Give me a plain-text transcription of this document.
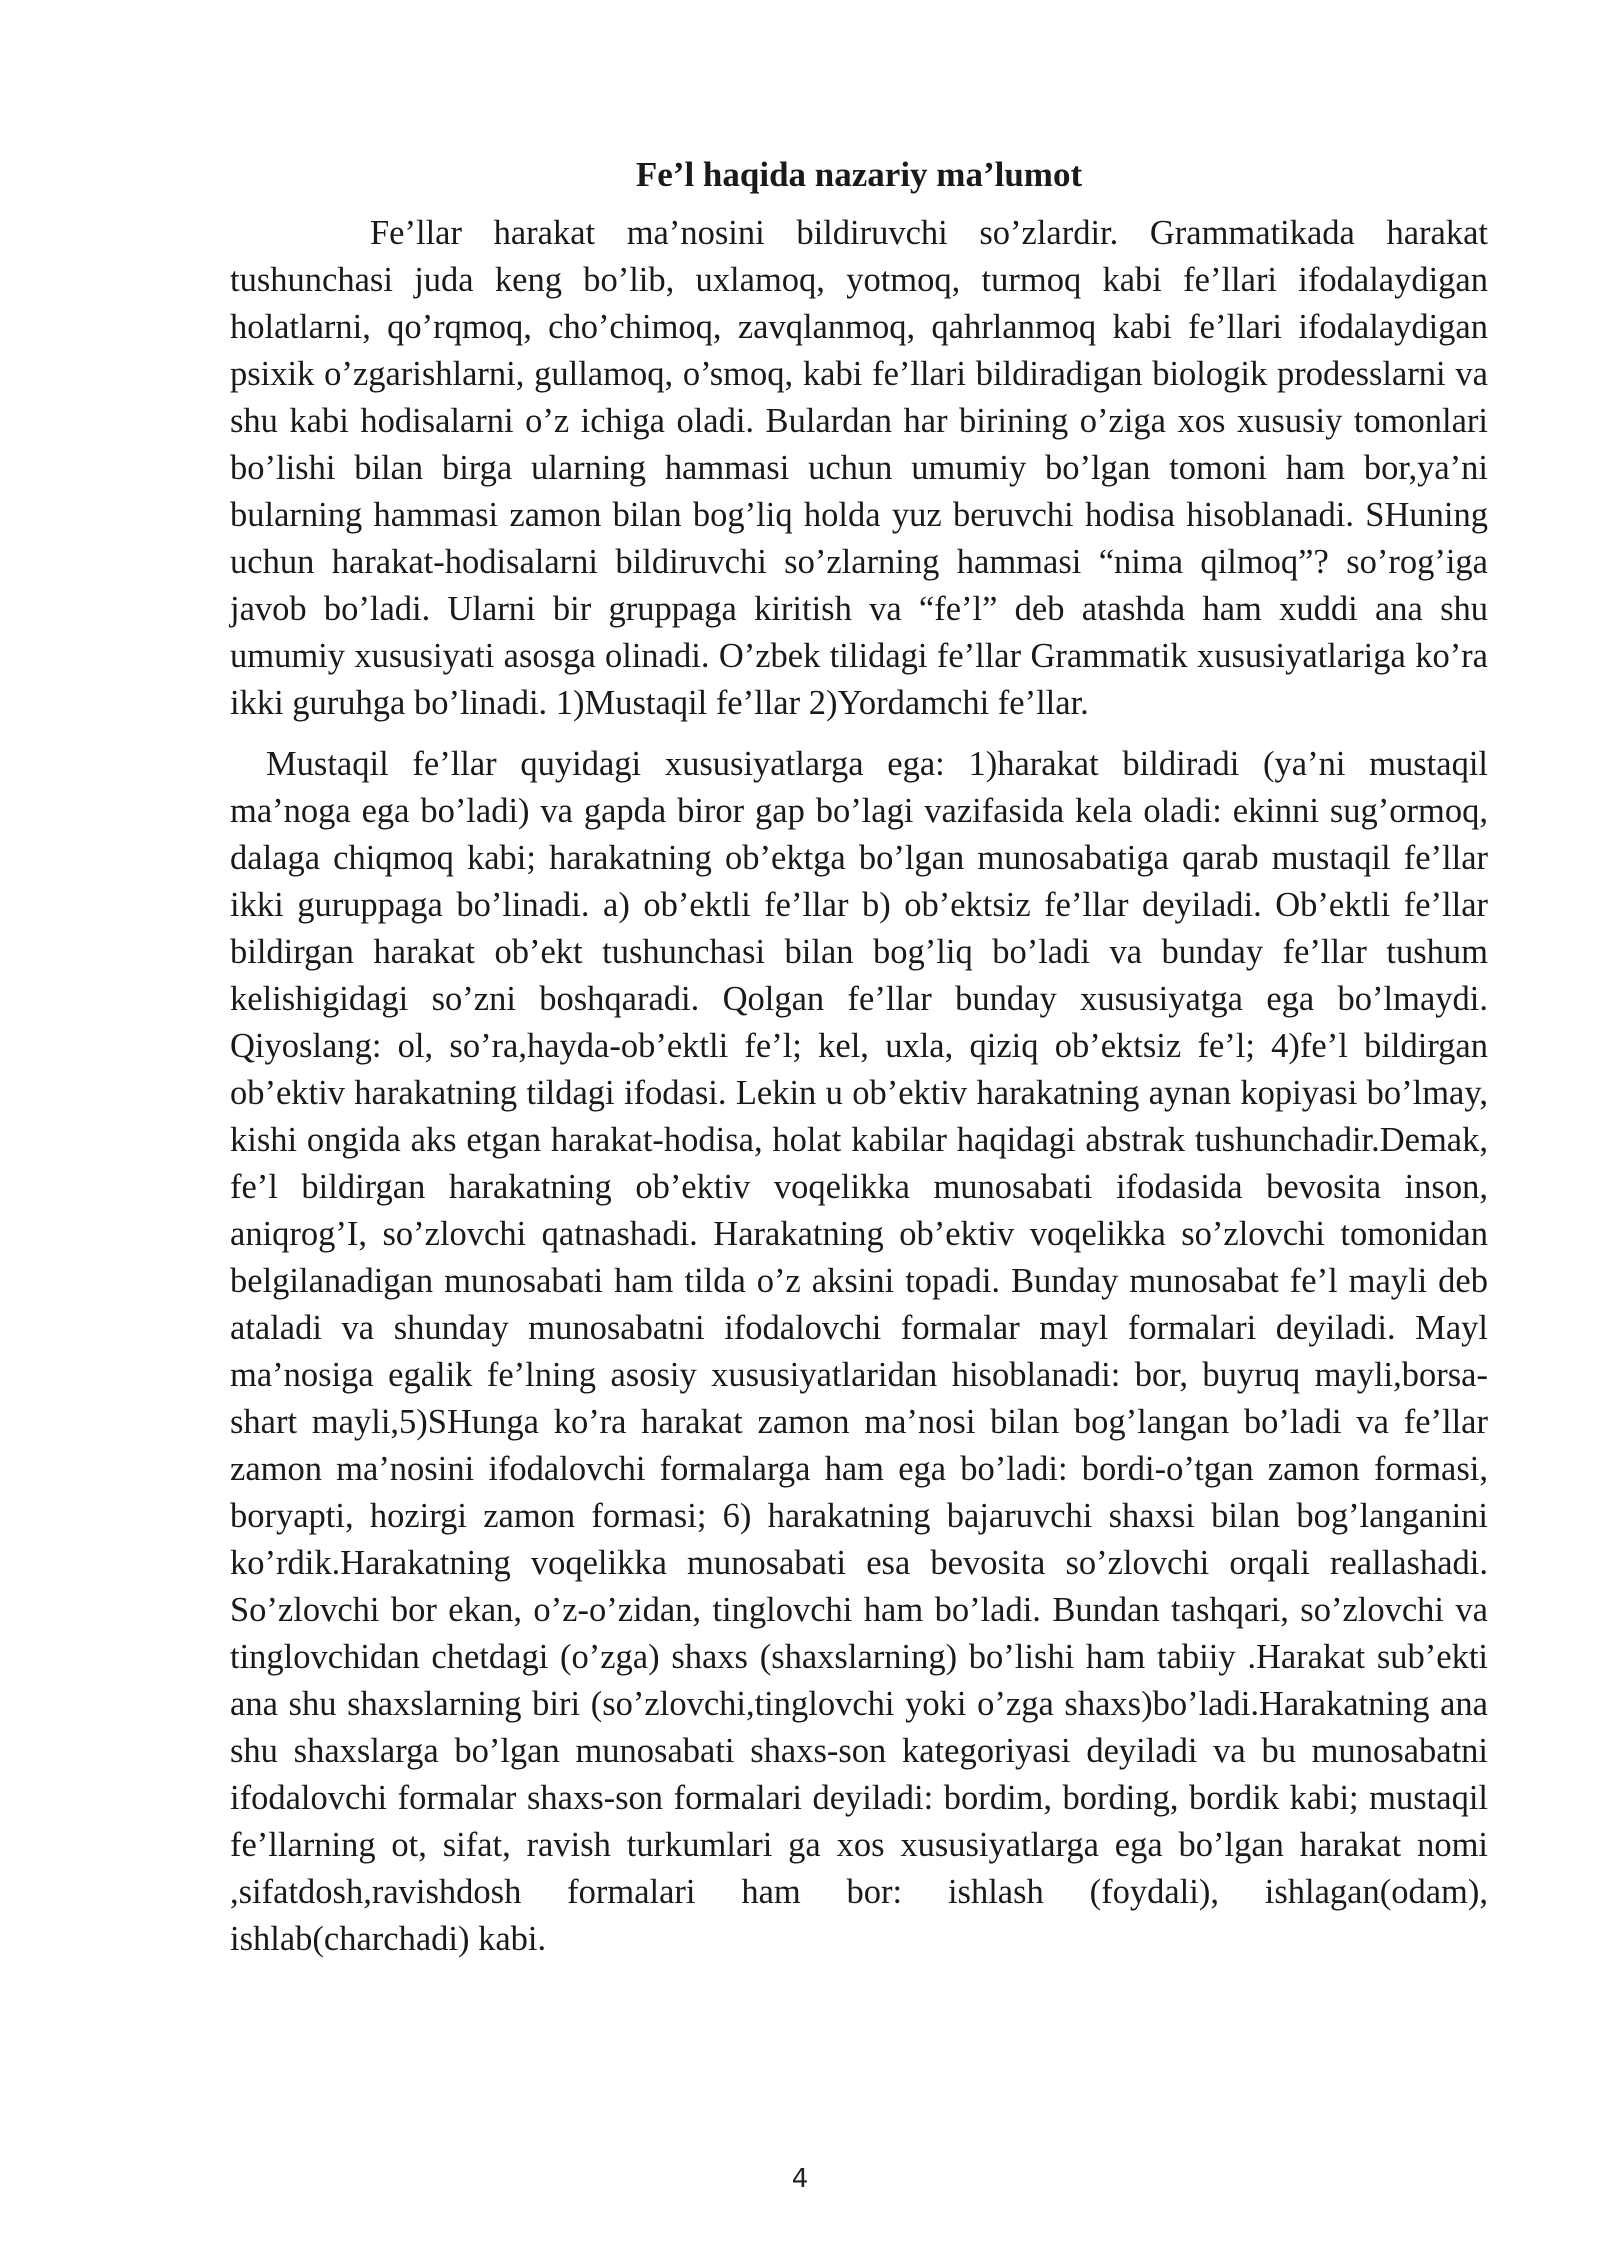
Fe’l haqida nazariy ma’lumot

Fe’llar harakat ma’nosini bildiruvchi so’zlardir. Grammatikada harakat tushunchasi juda keng bo’lib, uxlamoq, yotmoq, turmoq kabi fe’llari ifodalaydigan holatlarni, qo’rqmoq, cho’chimoq, zavqlanmoq, qahrlanmoq kabi fe’llari ifodalaydigan psixik o’zgarishlarni, gullamoq, o’smoq, kabi fe’llari bildiradigan biologik prodesslarni va shu kabi hodisalarni o’z ichiga oladi. Bulardan har birining o’ziga xos xususiy tomonlari bo’lishi bilan birga ularning hammasi uchun umumiy bo’lgan tomoni ham bor,ya’ni bularning hammasi zamon bilan bog’liq holda yuz beruvchi hodisa hisoblanadi. SHuning uchun harakat-hodisalarni bildiruvchi so’zlarning hammasi “nima qilmoq”? so’rog’iga javob bo’ladi. Ularni bir gruppaga kiritish va “fe’l” deb atashda ham xuddi ana shu umumiy xususiyati asosga olinadi. O’zbek tilidagi fe’llar Grammatik xususiyatlariga ko’ra ikki guruhga bo’linadi. 1)Mustaqil fe’llar 2)Yordamchi fe’llar.

Mustaqil fe’llar quyidagi xususiyatlarga ega: 1)harakat bildiradi (ya’ni mustaqil ma’noga ega bo’ladi) va gapda biror gap bo’lagi vazifasida kela oladi: ekinni sug’ormoq, dalaga chiqmoq kabi; harakatning ob’ektga bo’lgan munosabatiga qarab mustaqil fe’llar ikki guruppaga bo’linadi. a) ob’ektli fe’llar b) ob’ektsiz fe’llar deyiladi. Ob’ektli fe’llar bildirgan harakat ob’ekt tushunchasi bilan bog’liq bo’ladi va bunday fe’llar tushum kelishigidagi so’zni boshqaradi. Qolgan fe’llar bunday xususiyatga ega bo’lmaydi. Qiyoslang: ol, so’ra,hayda-ob’ektli fe’l; kel, uxla, qiziq ob’ektsiz fe’l; 4)fe’l bildirgan ob’ektiv harakatning tildagi ifodasi. Lekin u ob’ektiv harakatning aynan kopiyasi bo’lmay, kishi ongida aks etgan harakat-hodisa, holat kabilar haqidagi abstrak tushunchadir.Demak, fe’l bildirgan harakatning ob’ektiv voqelikka munosabati ifodasida bevosita inson, aniqrog’I, so’zlovchi qatnashadi. Harakatning ob’ektiv voqelikka so’zlovchi tomonidan belgilanadigan munosabati ham tilda o’z aksini topadi. Bunday munosabat fe’l mayli deb ataladi va shunday munosabatni ifodalovchi formalar mayl formalari deyiladi. Mayl ma’nosiga egalik fe’lning asosiy xususiyatlaridan hisoblanadi: bor, buyruq mayli,borsa-shart mayli,5)SHunga ko’ra harakat zamon ma’nosi bilan bog’langan bo’ladi va fe’llar zamon ma’nosini ifodalovchi formalarga ham ega bo’ladi: bordi-o’tgan zamon formasi, boryapti, hozirgi zamon formasi; 6) harakatning bajaruvchi shaxsi bilan bog’langanini ko’rdik.Harakatning voqelikka munosabati esa bevosita so’zlovchi orqali reallashadi. So’zlovchi bor ekan, o’z-o’zidan, tinglovchi ham bo’ladi. Bundan tashqari, so’zlovchi va tinglovchidan chetdagi (o’zga) shaxs (shaxslarning) bo’lishi ham tabiiy .Harakat sub’ekti ana shu shaxslarning biri (so’zlovchi,tinglovchi yoki o’zga shaxs)bo’ladi.Harakatning ana shu shaxslarga bo’lgan munosabati shaxs-son kategoriyasi deyiladi va bu munosabatni ifodalovchi formalar shaxs-son formalari deyiladi: bordim, bording, bordik kabi; mustaqil fe’llarning ot, sifat, ravish turkumlari ga xos xususiyatlarga ega bo’lgan harakat nomi ,sifatdosh,ravishdosh formalari ham bor: ishlash (foydali), ishlagan(odam), ishlab(charchadi) kabi.

4
